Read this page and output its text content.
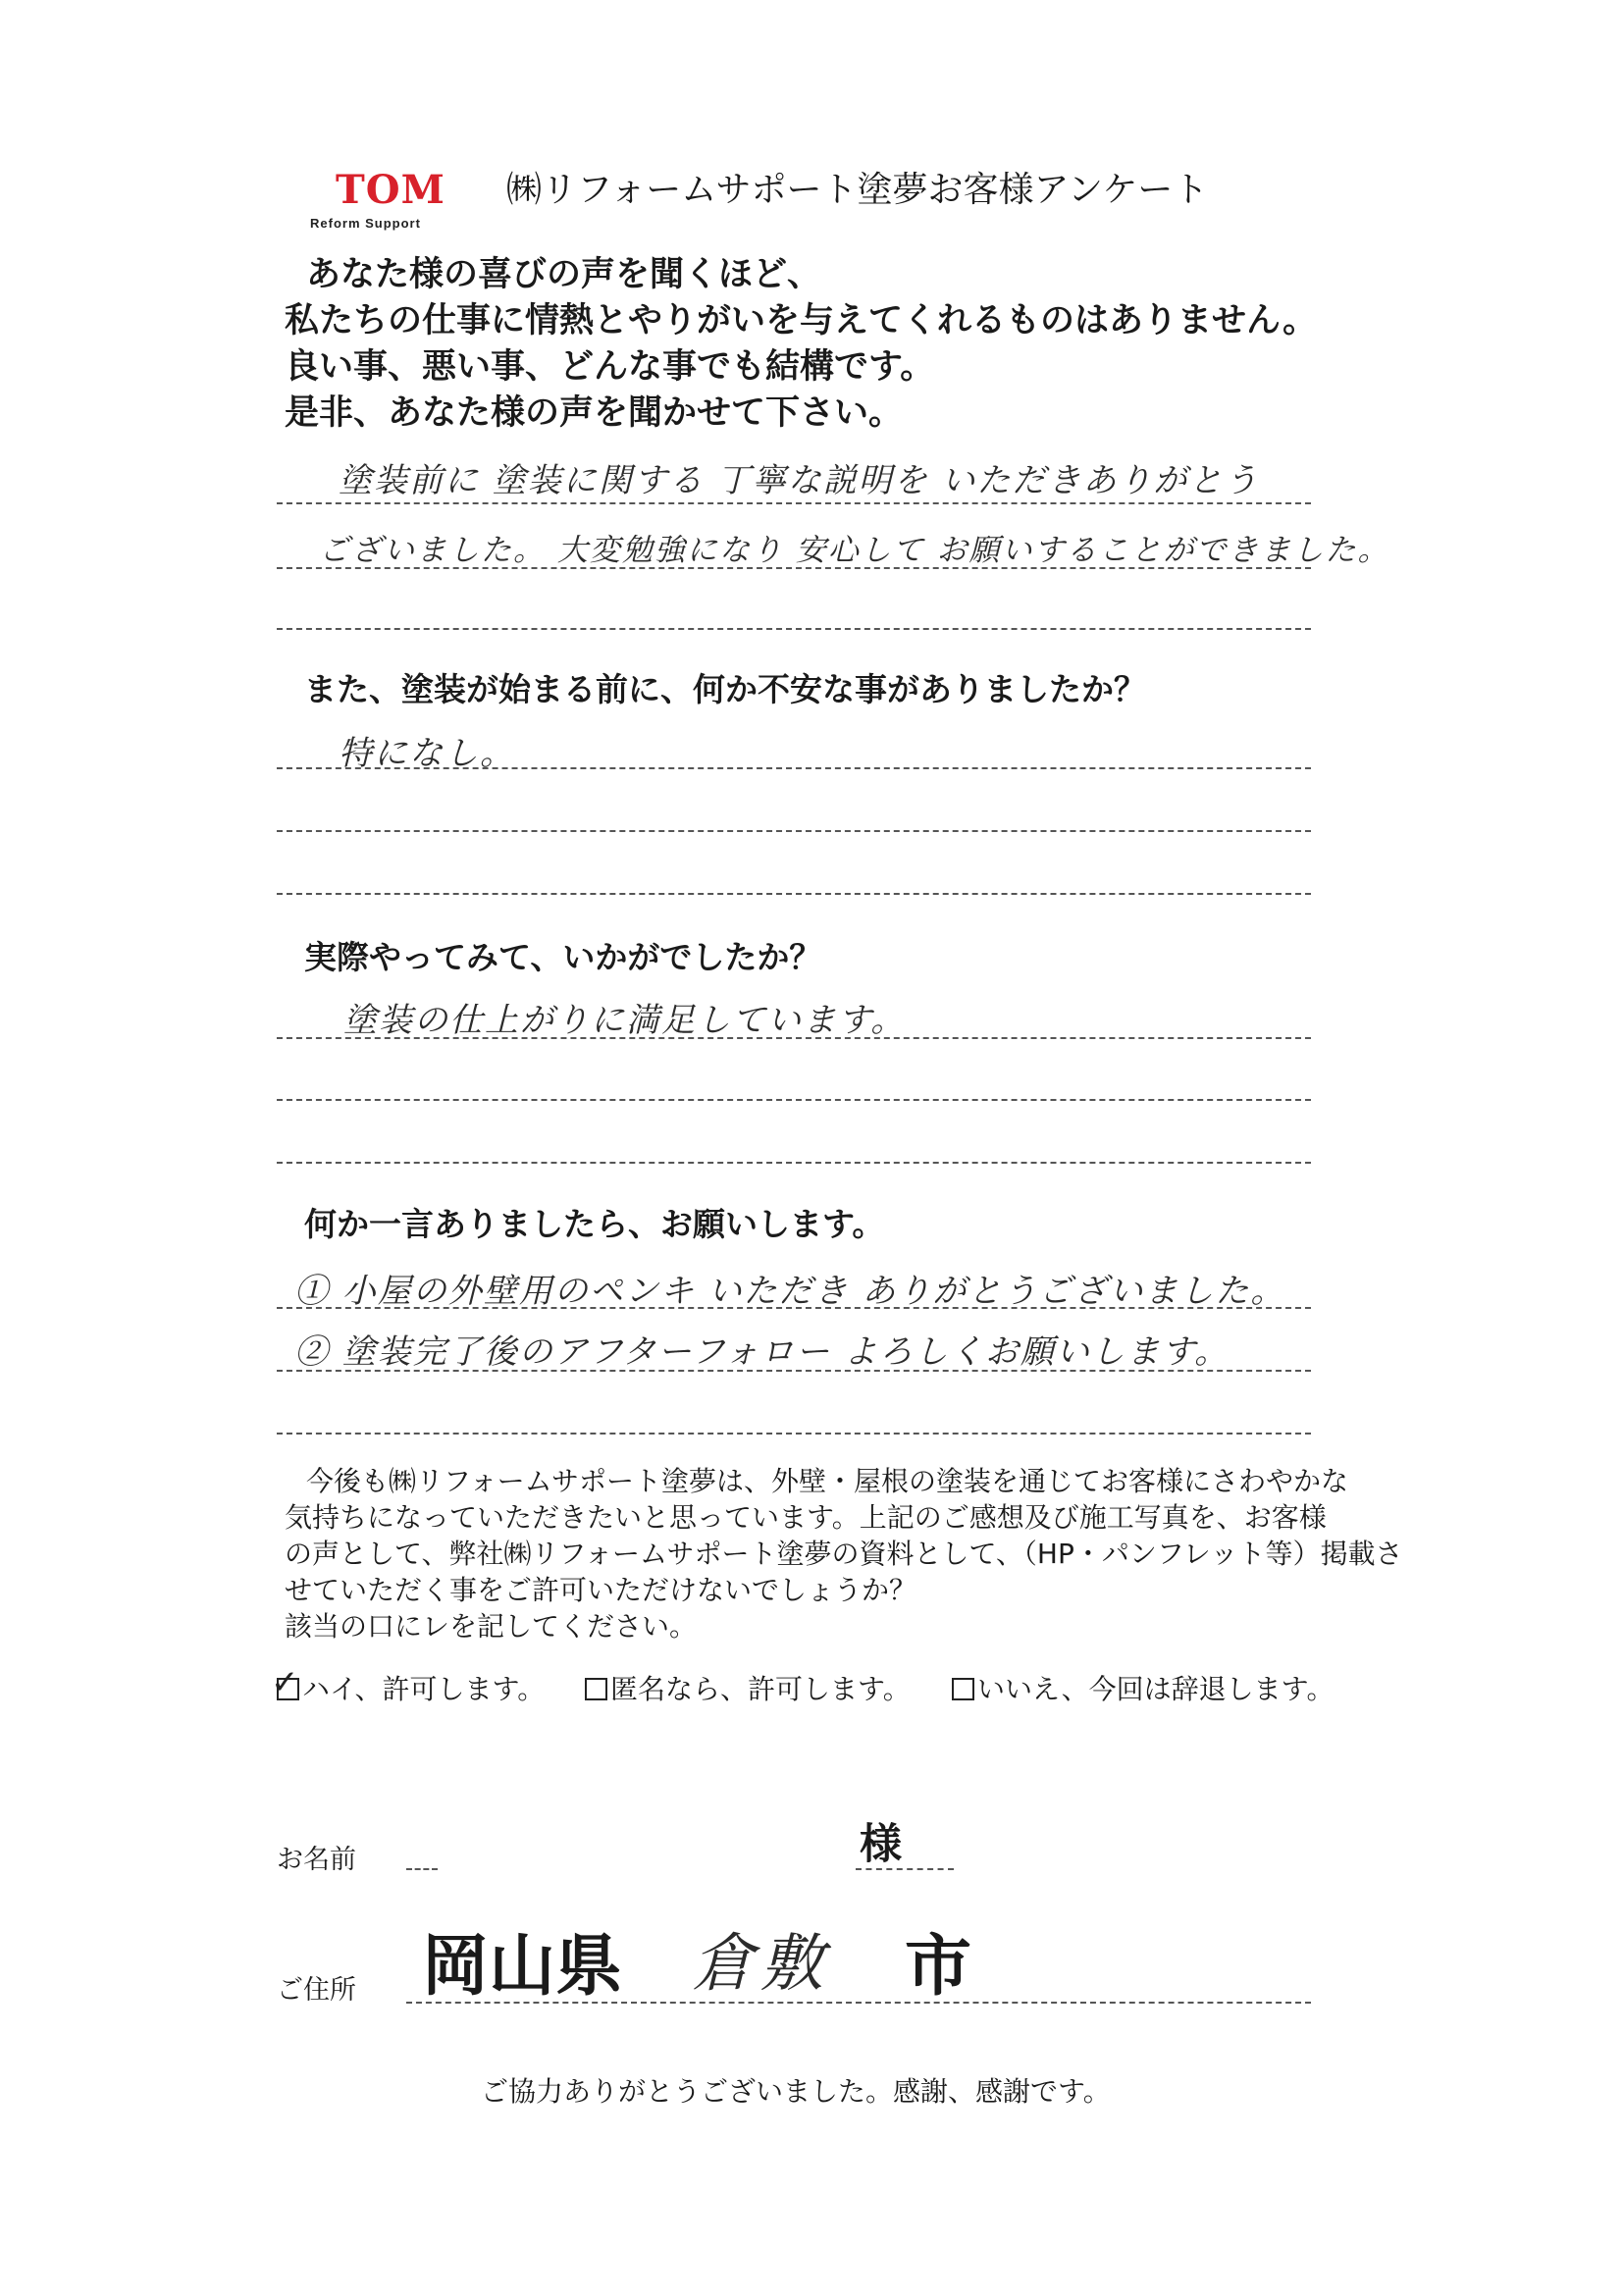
TOM
Reform Support
㈱リフォームサポート塗夢お客様アンケート
あなた様の喜びの声を聞くほど、
私たちの仕事に情熱とやりがいを与えてくれるものはありません。
良い事、悪い事、どんな事でも結構です。
是非、あなた様の声を聞かせて下さい。
塗装前に 塗装に関する 丁寧な説明を いただきありがとう
ございました。 大変勉強になり 安心して お願いすることができました。
また、塗装が始まる前に、何か不安な事がありましたか？
特になし。
実際やってみて、いかがでしたか？
塗装の仕上がりに満足しています。
何か一言ありましたら、お願いします。
① 小屋の外壁用のペンキ いただき ありがとうございました。
② 塗装完了後のアフターフォロー よろしくお願いします。
今後も㈱リフォームサポート塗夢は、外壁・屋根の塗装を通じてお客様にさわやかな
気持ちになっていただきたいと思っています。上記のご感想及び施工写真を、お客様
の声として、弊社㈱リフォームサポート塗夢の資料として、（HP・パンフレット等）掲載さ
せていただく事をご許可いただけないでしょうか？
該当の口にレを記してください。
✓ ハイ、許可します。	匿名なら、許可します。	いいえ、今回は辞退します。
お名前	様
ご住所 岡山県 倉敷 市
ご協力ありがとうございました。感謝、感謝です。
